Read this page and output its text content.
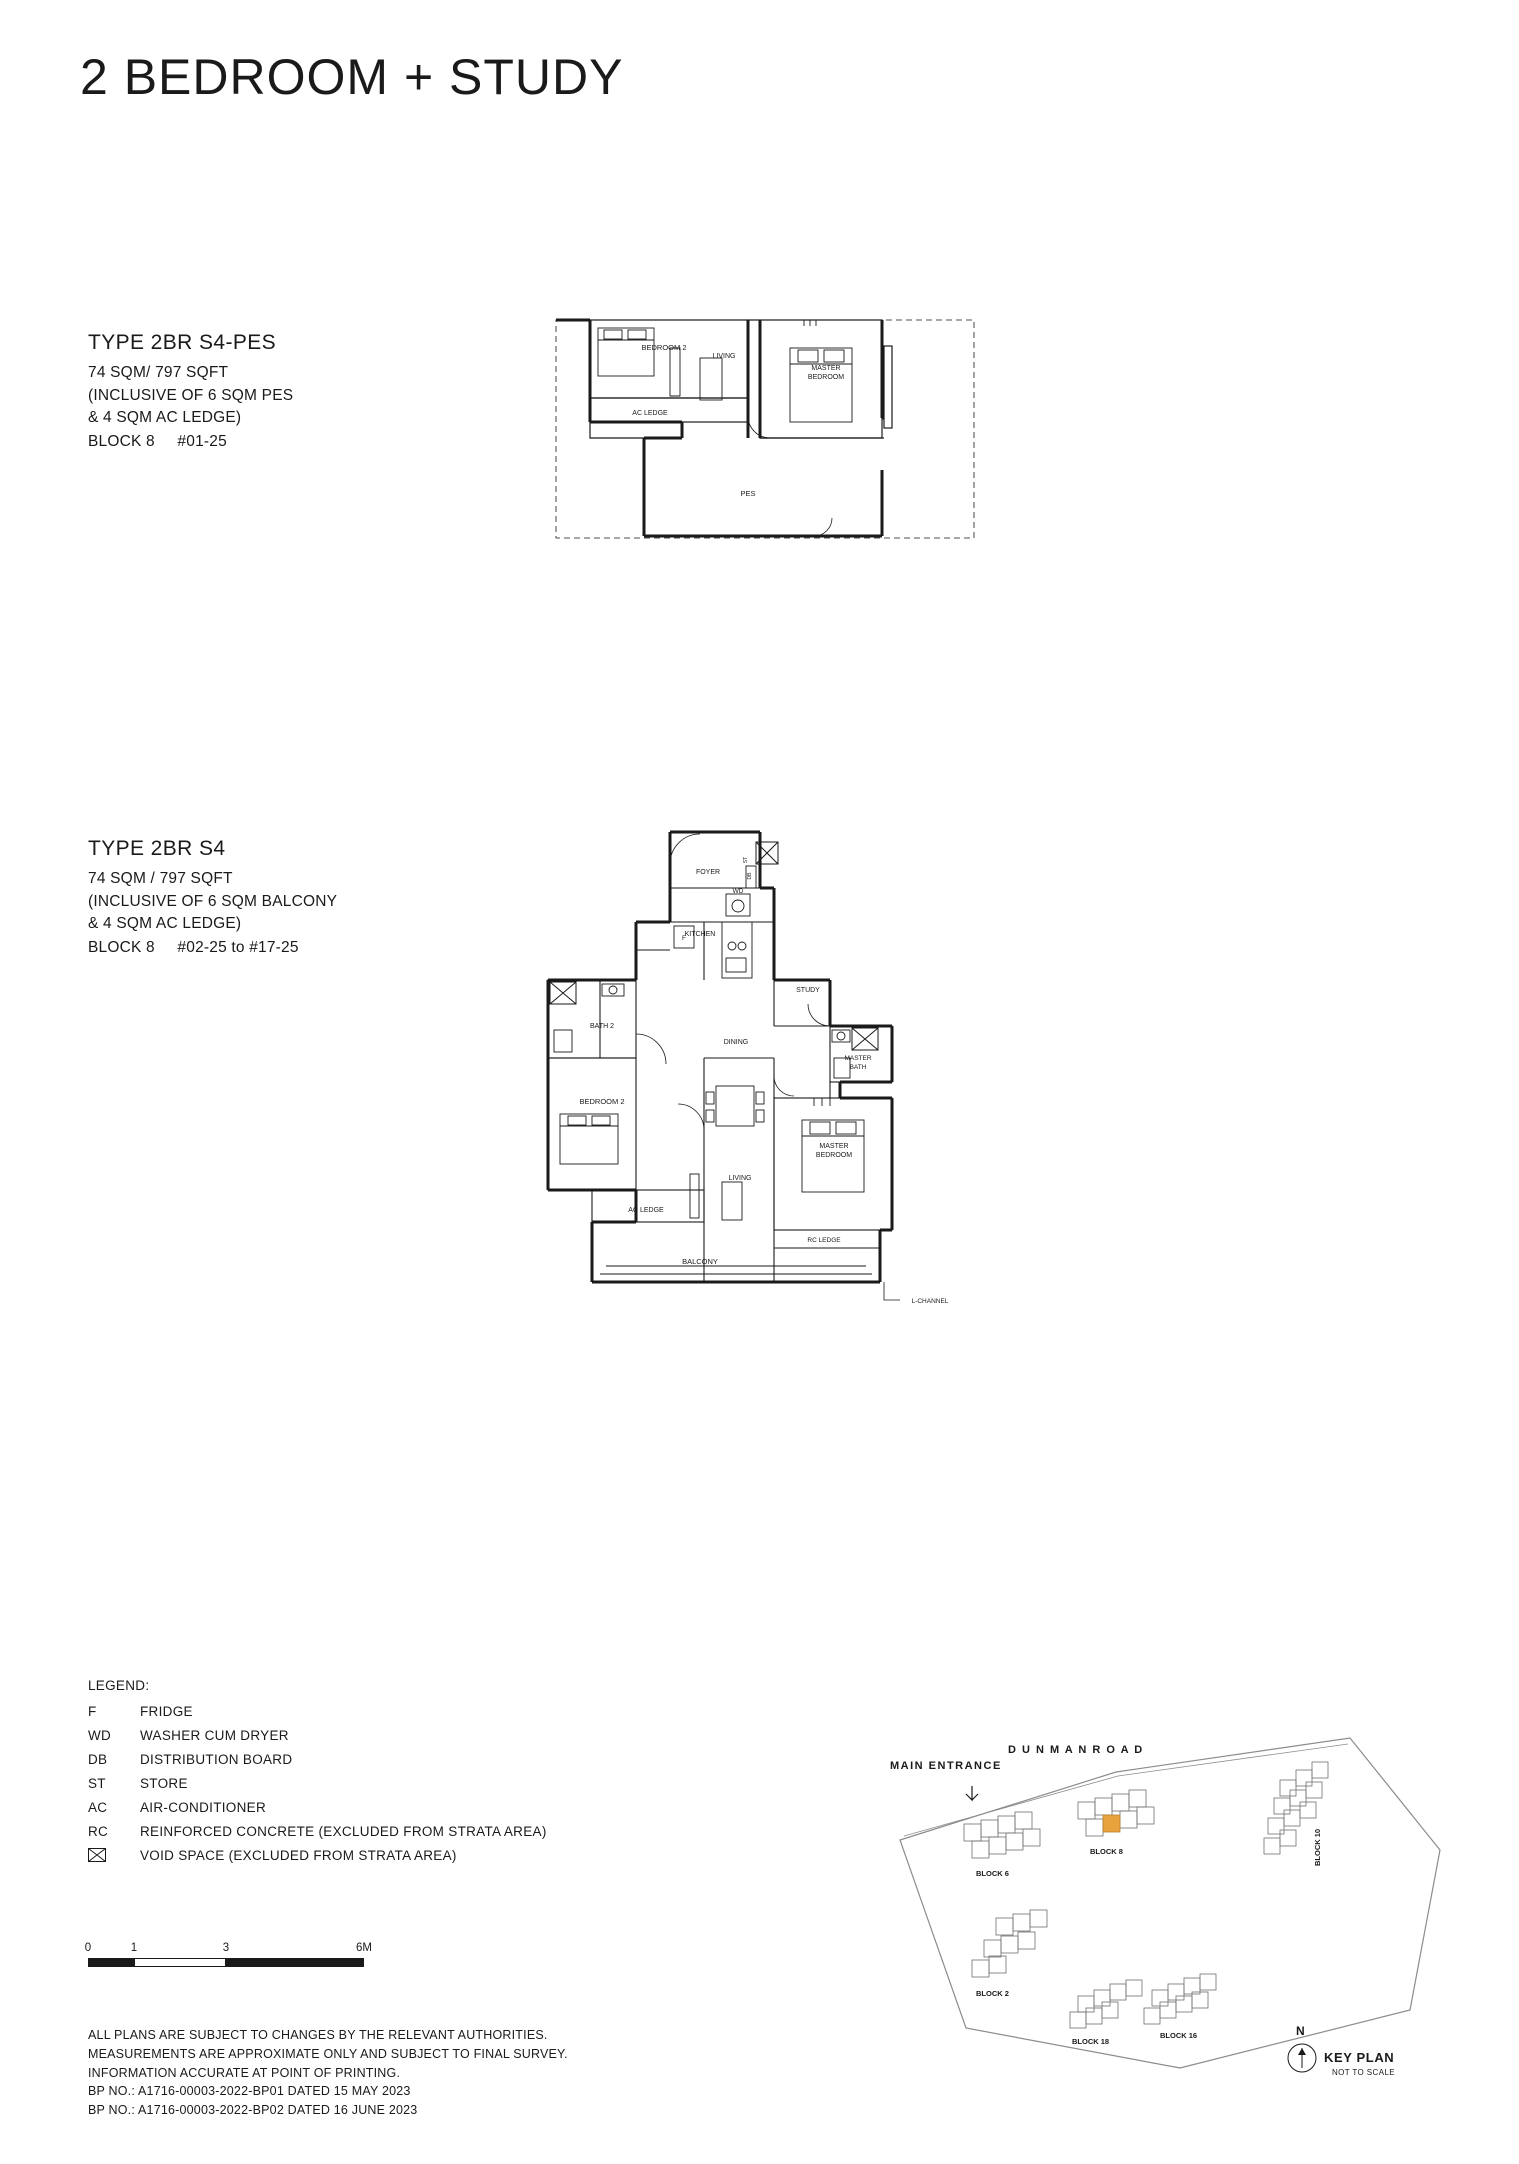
2 BEDROOM + STUDY
TYPE 2BR S4-PES
74 SQM/ 797 SQFT
(INCLUSIVE OF 6 SQM PES
& 4 SQM AC LEDGE)
BLOCK 8 #01-25
BEDROOM 2
LIVING
MASTER
BEDROOM
AC LEDGE
PES
TYPE 2BR S4
74 SQM / 797 SQFT
(INCLUSIVE OF 6 SQM BALCONY
& 4 SQM AC LEDGE)
BLOCK 8 #02-25 to #17-25
FOYER
WD
DB
KITCHEN
F
STUDY
BATH 2
DINING
MASTER
BATH
BEDROOM 2
LIVING
MASTER
BEDROOM
AC LEDGE
BALCONY
RC LEDGE
L-CHANNEL
ST
LEGEND:
F	FRIDGE
WD	WASHER CUM DRYER
DB	DISTRIBUTION BOARD
ST	STORE
AC	AIR-CONDITIONER
RC	REINFORCED CONCRETE (EXCLUDED FROM STRATA AREA)
VOID SPACE (EXCLUDED FROM STRATA AREA)
0	1	3	6M
ALL PLANS ARE SUBJECT TO CHANGES BY THE RELEVANT AUTHORITIES.
MEASUREMENTS ARE APPROXIMATE ONLY AND SUBJECT TO FINAL SURVEY.
INFORMATION ACCURATE AT POINT OF PRINTING.
BP NO.: A1716-00003-2022-BP01 DATED 15 MAY 2023
BP NO.: A1716-00003-2022-BP02 DATED 16 JUNE 2023
BLOCK 6
BLOCK 8	BLOCK 10
BLOCK 2
BLOCK 18
BLOCK 16
MAIN ENTRANCE
D U N M A N R O A D
N
KEY PLAN
NOT TO SCALE
